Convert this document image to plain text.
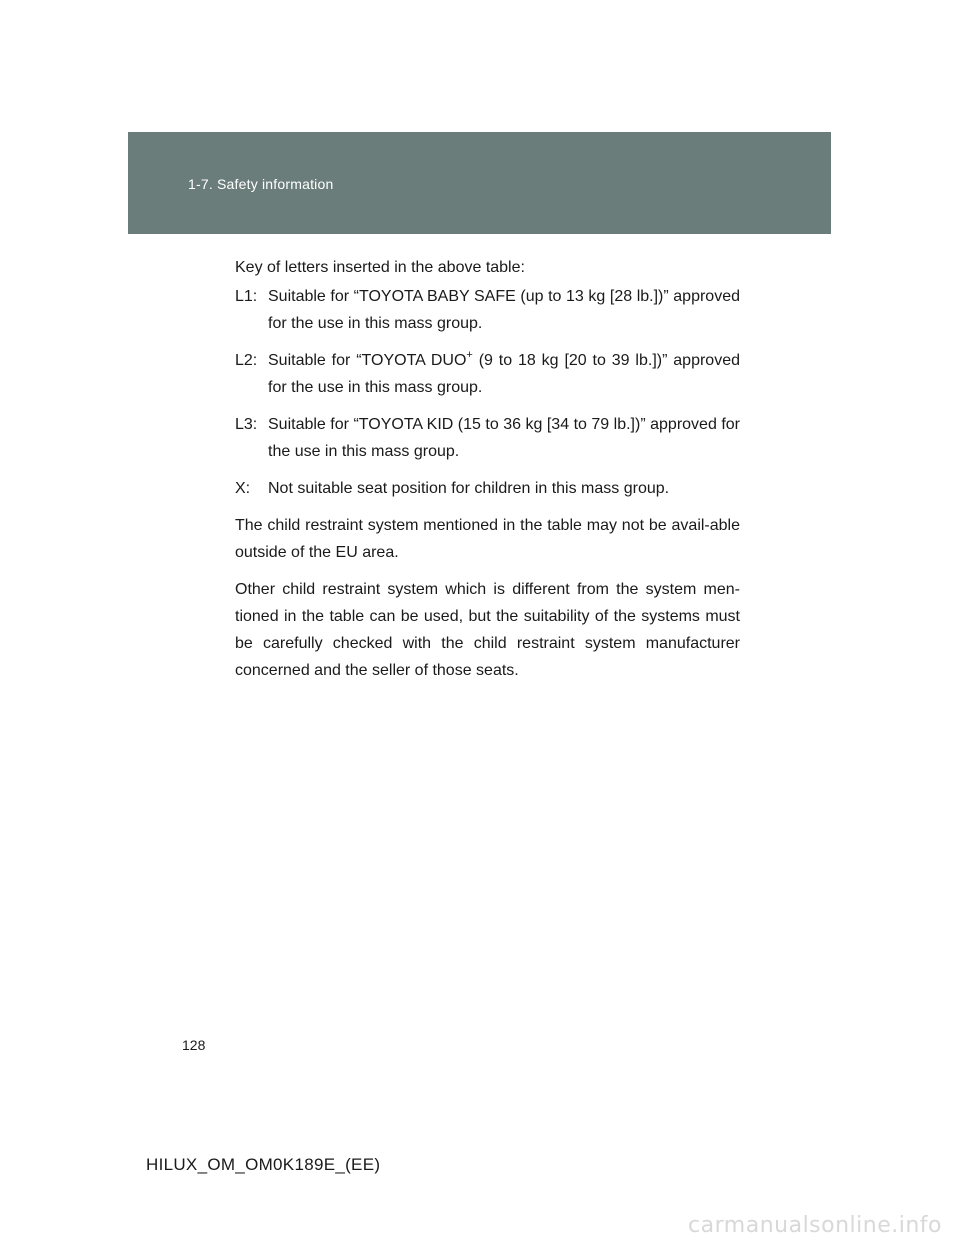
1-7. Safety information

Key of letters inserted in the above table:

L1: Suitable for “TOYOTA BABY SAFE (up to 13 kg [28 lb.])” approved for the use in this mass group.
L2: Suitable for “TOYOTA DUO+ (9 to 18 kg [20 to 39 lb.])” approved for the use in this mass group.
L3: Suitable for “TOYOTA KID (15 to 36 kg [34 to 79 lb.])” approved for the use in this mass group.
X:	Not suitable seat position for children in this mass group.

The child restraint system mentioned in the table may not be avail-able outside of the EU area.

Other child restraint system which is different from the system men-tioned in the table can be used, but the suitability of the systems must be carefully checked with the child restraint system manufacturer concerned and the seller of those seats.

128
HILUX_OM_OM0K189E_(EE)
carmanualsonline.info
